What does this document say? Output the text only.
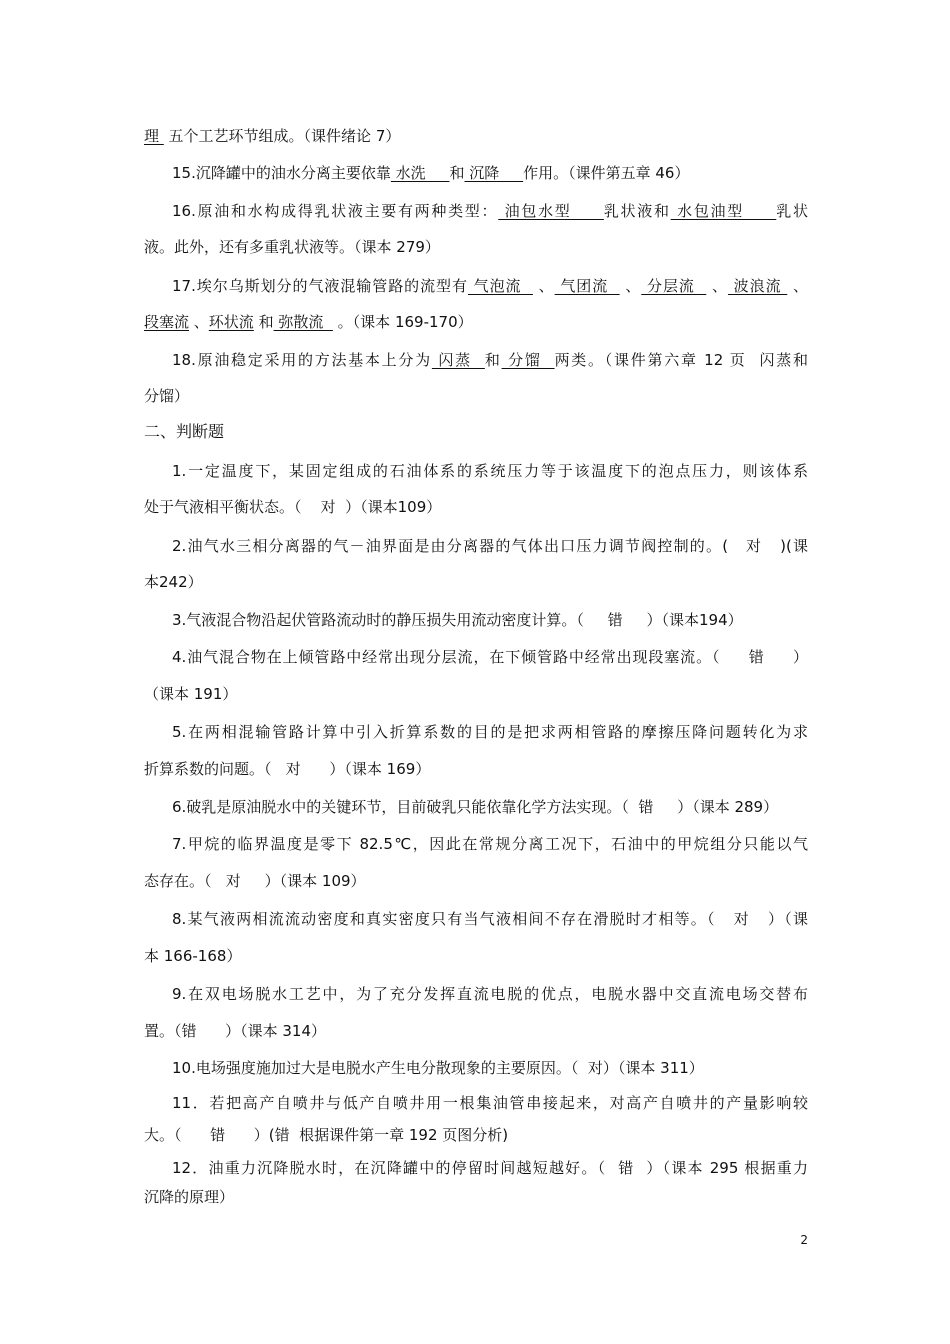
理  五个工艺环节组成。（课件绪论 7）
15.沉降罐中的油水分离主要依靠 水洗     和 沉降     作用。（课件第五章 46）
16.原油和水构成得乳状液主要有两种类型： 油包水型     乳状液和 水包油型     乳状
液。此外，还有多重乳状液等。（课本 279）
17.埃尔乌斯划分的气液混输管路的流型有 气泡流   、 气团流   、 分层流   、 波浪流  、
段塞流 、环状流 和 弥散流   。（课本 169-170）
18.原油稳定采用的方法基本上分为 闪蒸  和 分馏  两类。（课件第六章 12 页  闪蒸和
分馏）
二、判断题
1.一定温度下，某固定组成的石油体系的系统压力等于该温度下的泡点压力，则该体系
处于气液相平衡状态。（    对  ）（课本109）
2.油气水三相分离器的气－油界面是由分离器的气体出口压力调节阀控制的。(   对   )(课
本242）
3.气液混合物沿起伏管路流动时的静压损失用流动密度计算。（     错     ）（课本194）
4.油气混合物在上倾管路中经常出现分层流，在下倾管路中经常出现段塞流。（     错     ）
（课本 191）
5.在两相混输管路计算中引入折算系数的目的是把求两相管路的摩擦压降问题转化为求
折算系数的问题。（   对      ）（课本 169）
6.破乳是原油脱水中的关键环节，目前破乳只能依靠化学方法实现。（  错     ）（课本 289）
7.甲烷的临界温度是零下 82.5℃，因此在常规分离工况下，石油中的甲烷组分只能以气
态存在。（   对     ）（课本 109）
8.某气液两相流流动密度和真实密度只有当气液相间不存在滑脱时才相等。（   对   ）（课
本 166-168）
9.在双电场脱水工艺中，为了充分发挥直流电脱的优点，电脱水器中交直流电场交替布
置。（错      ）（课本 314）
10.电场强度施加过大是电脱水产生电分散现象的主要原因。（  对）（课本 311）
11．若把高产自喷井与低产自喷井用一根集油管串接起来，对高产自喷井的产量影响较
大。（      错      ）(错  根据课件第一章 192 页图分析)
12．油重力沉降脱水时，在沉降罐中的停留时间越短越好。（  错  ）（课本 295 根据重力
沉降的原理）
2
